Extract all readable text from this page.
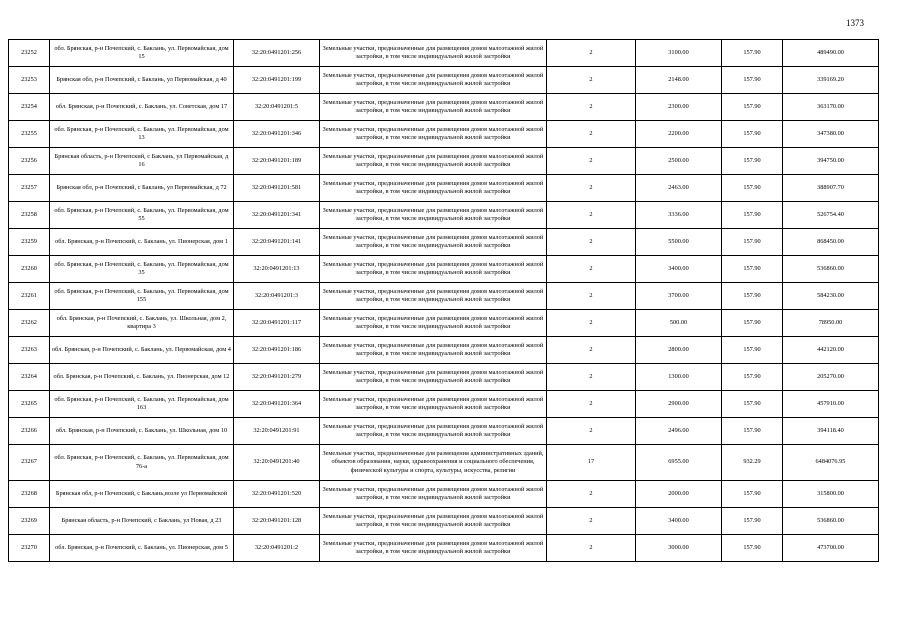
1373
23252	обл. Брянская, р-н Почепский, с. Баклань, ул. Первомайская, дом 15	32:20:0491201:256	Земельные участки, предназначенные для размещения домов малоэтажной жилой застройки, в том числе индивидуальной жилой застройки	2	3100.00	157.90	489490.00
23253	Брянская обл, р-н Почепский, с Баклань, ул Первомайская, д 40	32:20:0491201:199	Земельные участки, предназначенные для размещения домов малоэтажной жилой застройки, в том числе индивидуальной жилой застройки	2	2148.00	157.90	339169.20
23254	обл. Брянская, р-н Почепский, с. Баклань, ул. Советская, дом 17	32:20:0491201:5	Земельные участки, предназначенные для размещения домов малоэтажной жилой застройки, в том числе индивидуальной жилой застройки	2	2300.00	157.90	363170.00
23255	обл. Брянская, р-н Почепский, с. Баклань, ул. Первомайская, дом 13	32:20:0491201:346	Земельные участки, предназначенные для размещения домов малоэтажной жилой застройки, в том числе индивидуальной жилой застройки	2	2200.00	157.90	347380.00
23256	Брянская область, р-н Почепский, с Баклань, ул Первомайская, д 16	32:20:0491201:189	Земельные участки, предназначенные для размещения домов малоэтажной жилой застройки, в том числе индивидуальной жилой застройки	2	2500.00	157.90	394750.00
23257	Брянская обл, р-н Почепский, с Баклань, ул Первомайская, д 72	32:20:0491201:581	Земельные участки, предназначенные для размещения домов малоэтажной жилой застройки, в том числе индивидуальной жилой застройки	2	2463.00	157.90	388907.70
23258	обл. Брянская, р-н Почепский, с. Баклань, ул. Первомайская, дом 55	32:20:0491201:341	Земельные участки, предназначенные для размещения домов малоэтажной жилой застройки, в том числе индивидуальной жилой застройки	2	3336.00	157.90	526754.40
23259	обл. Брянская, р-н Почепский, с. Баклань, ул. Пионерская, дом 1	32:20:0491201:141	Земельные участки, предназначенные для размещения домов малоэтажной жилой застройки, в том числе индивидуальной жилой застройки	2	5500.00	157.90	868450.00
23260	обл. Брянская, р-н Почепский, с. Баклань, ул. Первомайская, дом 35	32:20:0491201:13	Земельные участки, предназначенные для размещения домов малоэтажной жилой застройки, в том числе индивидуальной жилой застройки	2	3400.00	157.90	536860.00
23261	обл. Брянская, р-н Почепский, с. Баклань, ул. Первомайская, дом 155	32:20:0491201:3	Земельные участки, предназначенные для размещения домов малоэтажной жилой застройки, в том числе индивидуальной жилой застройки	2	3700.00	157.90	584230.00
23262	обл. Брянская, р-н Почепский, с. Баклань, ул. Школьная, дом 2, квартира 3	32:20:0491201:117	Земельные участки, предназначенные для размещения домов малоэтажной жилой застройки, в том числе индивидуальной жилой застройки	2	500.00	157.90	78950.00
23263	обл. Брянская, р-н Почепский, с. Баклань, ул. Первомайская, дом 4	32:20:0491201:186	Земельные участки, предназначенные для размещения домов малоэтажной жилой застройки, в том числе индивидуальной жилой застройки	2	2800.00	157.90	442120.00
23264	обл. Брянская, р-н Почепский, с. Баклань, ул. Пионерская, дом 12	32:20:0491201:279	Земельные участки, предназначенные для размещения домов малоэтажной жилой застройки, в том числе индивидуальной жилой застройки	2	1300.00	157.90	205270.00
23265	обл. Брянская, р-н Почепский, с. Баклань, ул. Первомайская, дом 163	32:20:0491201:364	Земельные участки, предназначенные для размещения домов малоэтажной жилой застройки, в том числе индивидуальной жилой застройки	2	2900.00	157.90	457910.00
23266	обл. Брянская, р-н Почепский, с. Баклань, ул. Школьная, дом 10	32:20:0491201:91	Земельные участки, предназначенные для размещения домов малоэтажной жилой застройки, в том числе индивидуальной жилой застройки	2	2496.00	157.90	394118.40
23267	обл. Брянская, р-н Почепский, с. Баклань, ул. Первомайская, дом 76-а	32:20:0491201:40	Земельные участки, предназначенные для размещения административных зданий, объектов образования, науки, здравоохранения и социального обеспечения, физической культуры и спорта, культуры, искусства, религии	17	6955.00	932.29	6484076.95
23268	Брянская обл, р-н Почепский, с Баклань,возле ул Первомайской	32:20:0491201:520	Земельные участки, предназначенные для размещения домов малоэтажной жилой застройки, в том числе индивидуальной жилой застройки	2	2000.00	157.90	315800.00
23269	Брянская область, р-н Почепский, с Баклань, ул Новая, д 23	32:20:0491201:128	Земельные участки, предназначенные для размещения домов малоэтажной жилой застройки, в том числе индивидуальной жилой застройки	2	3400.00	157.90	536860.00
23270	обл. Брянская, р-н Почепский, с. Баклань, ул. Пионерская, дом 5	32:20:0491201:2	Земельные участки, предназначенные для размещения домов малоэтажной жилой застройки, в том числе индивидуальной жилой застройки	2	3000.00	157.90	473700.00
